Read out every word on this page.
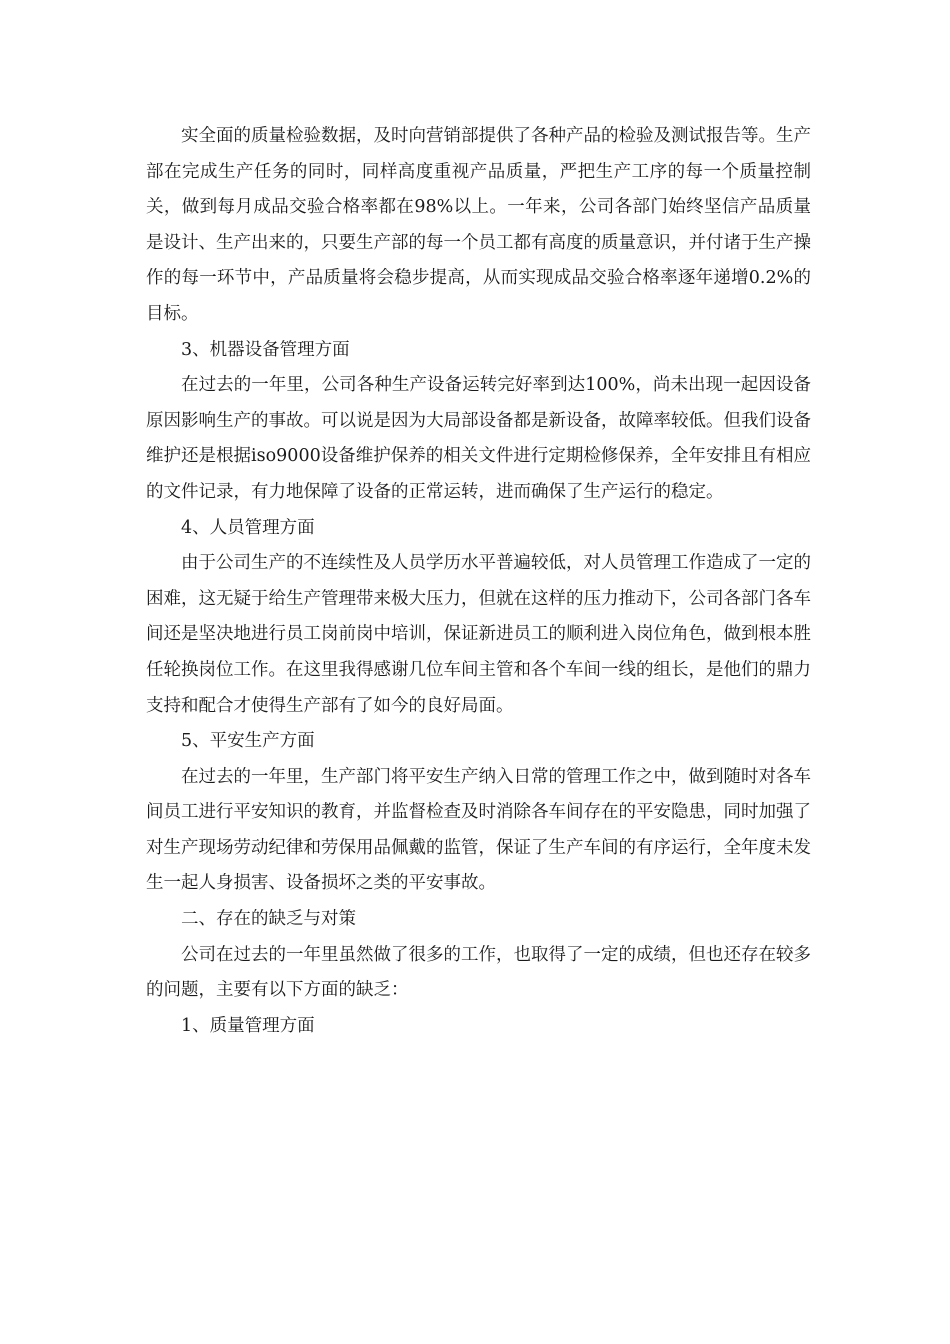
实全面的质量检验数据，及时向营销部提供了各种产品的检验及测试报告等。生产部在完成生产任务的同时，同样高度重视产品质量，严把生产工序的每一个质量控制关，做到每月成品交验合格率都在98%以上。一年来，公司各部门始终坚信产品质量是设计、生产出来的，只要生产部的每一个员工都有高度的质量意识，并付诸于生产操作的每一环节中，产品质量将会稳步提高，从而实现成品交验合格率逐年递增0.2%的目标。

3、机器设备管理方面

在过去的一年里，公司各种生产设备运转完好率到达100%，尚未出现一起因设备原因影响生产的事故。可以说是因为大局部设备都是新设备，故障率较低。但我们设备维护还是根据iso9000设备维护保养的相关文件进行定期检修保养，全年安排且有相应的文件记录，有力地保障了设备的正常运转，进而确保了生产运行的稳定。

4、人员管理方面

由于公司生产的不连续性及人员学历水平普遍较低，对人员管理工作造成了一定的困难，这无疑于给生产管理带来极大压力，但就在这样的压力推动下，公司各部门各车间还是坚决地进行员工岗前岗中培训，保证新进员工的顺利进入岗位角色，做到根本胜任轮换岗位工作。在这里我得感谢几位车间主管和各个车间一线的组长，是他们的鼎力支持和配合才使得生产部有了如今的良好局面。

5、平安生产方面

在过去的一年里，生产部门将平安生产纳入日常的管理工作之中，做到随时对各车间员工进行平安知识的教育，并监督检查及时消除各车间存在的平安隐患，同时加强了对生产现场劳动纪律和劳保用品佩戴的监管，保证了生产车间的有序运行，全年度未发生一起人身损害、设备损坏之类的平安事故。

二、存在的缺乏与对策

公司在过去的一年里虽然做了很多的工作，也取得了一定的成绩，但也还存在较多的问题，主要有以下方面的缺乏：

1、质量管理方面
